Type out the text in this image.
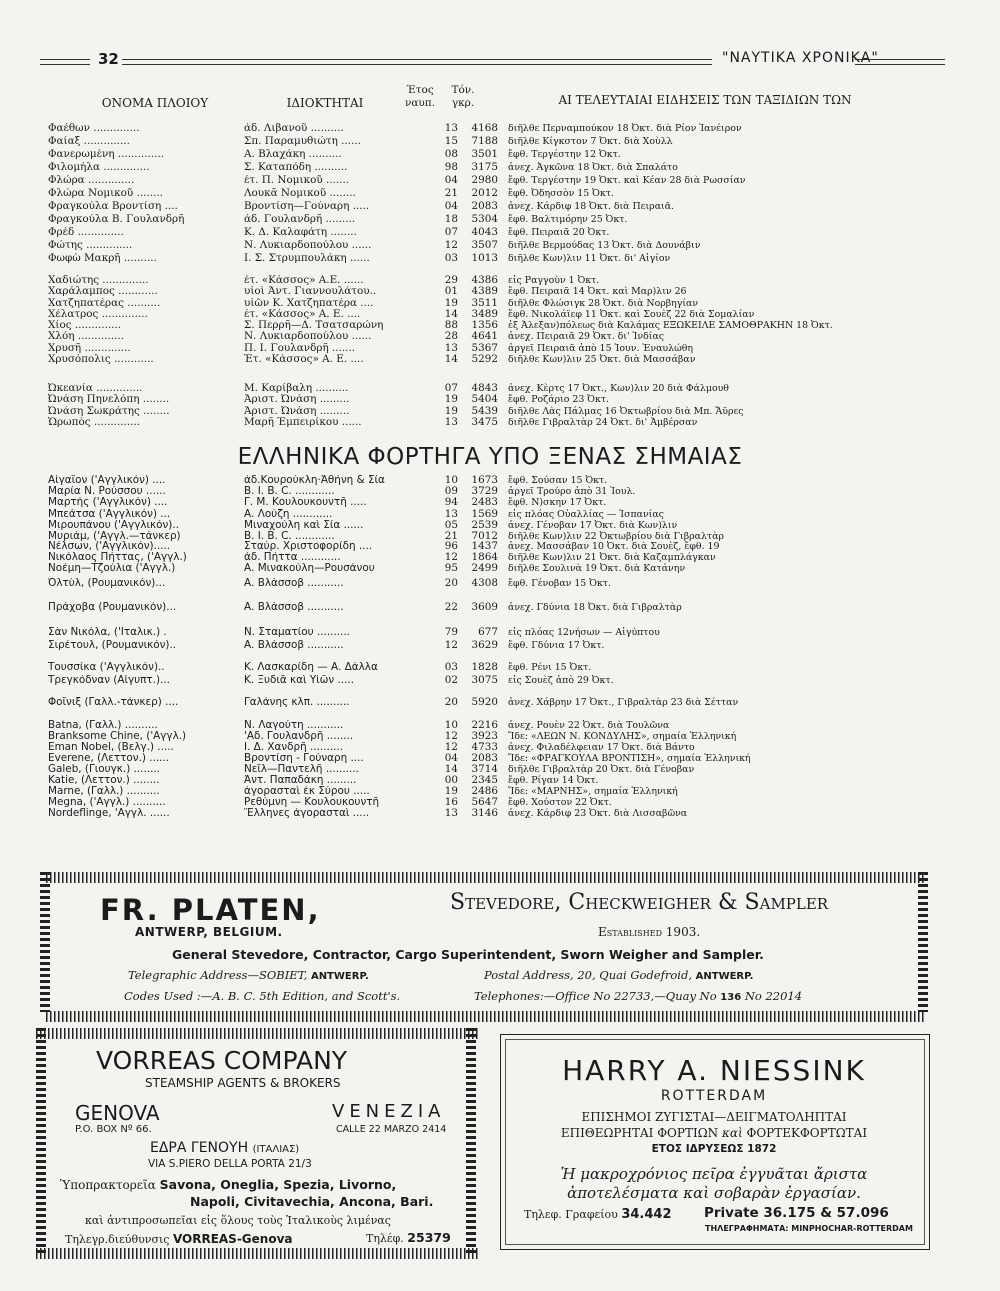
32	"ΝΑΥΤΙΚΑ ΧΡΟΝΙΚΑ"
ΟΝΟΜΑ ΠΛΟΙΟΥ	ΙΔΙΟΚΤΗΤΑΙ
Έτος ναυπ.
Τόν. γκρ.	ΑΙ ΤΕΛΕΥΤΑΙΑΙ ΕΙΔΗΣΕΙΣ ΤΩΝ ΤΑΞΙΔΙΩΝ ΤΩΝ
Φαέθων ..............	άδ. Λιβανοῦ ..........	13	4168 διῆλθε Περναμπούκον 18 Ὀκτ. διὰ Ρίον Ἰανέιρον
Φαίαξ ..............	Σπ. Παραμυθιώτη ......	15	7188 διῆλθε Κίγκστον 7 Ὀκτ. διὰ Χοὺλλ
Φανερωμένη ..............	Α. Βλαχάκη ..........	08	3501 ἔφθ. Τεργέστην 12 Ὀκτ.
Φιλομήλα ..............	Σ. Καταπόδη ..........	98	3175 ἀνεχ. Ἀγκῶνα 18 Ὀκτ. διὰ Σπαλάτο
Φλώρα ..............	έτ. Π. Νομικοῦ .......	04	2980 ἔφθ. Τεργέστην 19 Ὀκτ. καὶ Κέαν 28 διὰ Ρωσσίαν
Φλώρα Νομικοῦ ........	Λουκᾶ Νομικοῦ ........	21	2012 ἔφθ. Ὀδησσὸν 15 Ὀκτ.
Φραγκούλα Βροντίση ....	Βροντίση—Γούναρη .....	04	2083 ἀνεχ. Κάρδιφ 18 Ὀκτ. διὰ Πειραιᾶ.
Φραγκούλα Β. Γουλανδρῆ	άδ. Γουλανδρῆ .........	18	5304 ἔφθ. Βαλτιμόρην 25 Ὀκτ.
Φρέδ ..............	Κ. Δ. Καλαφάτη ........	07	4043 ἔφθ. Πειραιᾶ 20 Ὀκτ.
Φώτης ..............	Ν. Λυκιαρδοπούλου ......	12	3507 διῆλθε Βερμούδας 13 Ὀκτ. διὰ Δουνάβιν
Φωφὼ Μακρῆ ..........	Ι. Σ. Στρυμπουλάκη ......	03	1013 διῆλθε Κων)λιν 11 Ὀκτ. δι' Αἰγίον
Χαδιώτης ..............	έτ. «Κάσσος» Α.Ε. ......	29	4386 εἰς Ραγγοὺν 1 Ὀκτ.
Χαράλαμπος ............	υἱοὶ Ἀντ. Γιαννουλάτου..	01	4389 ἔφθ. Πειραιᾶ 14 Ὀκτ. καὶ Μαρ)λιν 26
Χατζηπατέρας ..........	υἱῶν Κ. Χατζηπατέρα ....	19	3511 διῆλθε Φλώσιγκ 28 Ὀκτ. διὰ Νορβηγίαν
Χέλατρος ..............	έτ. «Κάσσος» Α. Ε. ....	14	3489 ἔφθ. Νικολάϊεφ 11 Ὀκτ. καὶ Σουὲζ 22 διὰ Σομαλίαν
Χίος ..............	Σ. Περρῆ—Δ. Τσατσαρώνη	88	1356 ἐξ Ἀλεξαν)πόλεως διὰ Καλάμας ΕΞΩΚΕΙΛΕ ΣΑΜΟΘΡΑΚΗΝ 18 Ὀκτ.
Χλόη ..............	Ν. Λυκιαρδοπούλου ......	28	4641 ἀνεχ. Πειραιᾶ 29 Ὀκτ. δι' Ἰνδίας
Χρυσῆ ..............	Π. Ι. Γουλανδρῆ .......	13	5367 ἀργεῖ Πειραιᾶ ἀπὸ 15 Ἰουν. Ἐναυλώθη
Χρυσόπολις ............	Ἑτ. «Κάσσος» Α. Ε. ....	14	5292 διῆλθε Κων)λιν 25 Ὀκτ. διὰ Μασσάβαν
Ὠκεανία ..............	Μ. Καρίβαλη ..........	07	4843 ἀνεχ. Κὲρτς 17 Ὀκτ., Κων)λιν 20 διὰ Φάλμουθ
Ὠνάση Πηνελόπη ........	Ἀριστ. Ὠνάση .........	19	5404 ἔφθ. Ροζάριο 23 Ὀκτ.
Ὠνάση Σωκράτης ........	Ἀριστ. Ὠνάση .........	19	5439 διῆλθε Λὰς Πάλμας 16 Ὀκτωβρίου διὰ Μπ. Ἄϋρες
Ὡρωπὸς ..............	Μαρῆ Ἐμπειρίκου ......	13	3475 διῆλθε Γιβραλτὰρ 24 Ὀκτ. δι' Ἀμβέρσαν
Αἰγαῖον ('Αγγλικόν) ....	άδ.Κουρούκλη·Ἀθήνη & Σία	10	1673 ἔφθ. Σούσαν 15 Ὀκτ.
Μαρία Ν. Ρούσσου ......	Β. Ι. Β. C. ............	09	3729 ἀργεῖ Τρούρο ἀπὸ 31 Ἰουλ.
Μαρτὴς ('Αγγλικόν) ....	Γ. Μ. Κουλουκουντῆ .....	94	2483 ἔφθ. Ν)σκην 17 Ὀκτ.
Μπεάτσα ('Αγγλικόν) ...	Α. Λούζη ............	13	1569 εἰς πλόας Οὐαλλίας — Ἱσπανίας
Μιρουπάνου ('Αγγλικόν)..	Μιναχούλη καὶ Σία ......	05	2539 ἀνεχ. Γένοβαν 17 Ὀκτ. διὰ Κων)λιν
Μυριάμ, ('Αγγλ.—τάνκερ)	Β. Ι. Β. C. ............	21	7012 διῆλθε Κων)λιν 22 Ὀκτωβρίου διὰ Γιβραλτὰρ
Νέλσων, ('Αγγλικόν).....	Σταύρ. Χριστοφορίδη ....	96	1437 ἀνεχ. Μασσάβαν 10 Ὀκτ. διὰ Σουὲζ, ἔφθ. 19
Νικόλαος Πήττας, ('Αγγλ.)	άδ. Πήττα ............	12	1864 διῆλθε Κων)λιν 21 Ὀκτ. διὰ Καζαμπλάγκαν
Νοέμη—Τζούλια ('Αγγλ.)	Α. Μινακούλη—Ρουσάνου	95	2499 διῆλθε Σουλινὰ 19 Ὀκτ. διὰ Κατάνην
Ὀλτὺλ, (Ρουμανικόν)...	Α. Βλάσσοβ ...........	20	4308 ἔφθ. Γένοβαν 15 Ὀκτ.
Πράχοβα (Ρουμανικόν)...	Α. Βλάσσοβ ...........	22	3609 ἀνεχ. Γδύνια 18 Ὀκτ. διὰ Γιβραλτὰρ
Σὰν Νικόλα, ('Ιταλικ.) .	Ν. Σταματίου ..........	79	677 εἰς πλόας 12νήσων — Αἰγύπτου
Σιρέτουλ, (Ρουμανικόν)..	Α. Βλάσσοβ ...........	12	3629 ἔφθ. Γδύνια 17 Ὀκτ.
Τουσσίκα ('Αγγλικόν)..	Κ. Λασκαρίδη — Α. Δάλλα	03	1828 ἔφθ. Ρένι 15 Ὀκτ.
Τρεγκόδναν (Αἰγυπτ.)...	Κ. Ξυδιᾶ καὶ Υἱῶν .....	02	3075 εἰς Σουὲζ ἀπὸ 29 Ὀκτ.
Φοῖνιξ (Γαλλ.-τάνκερ) ....	Γαλάνης κλπ. ..........	20	5920 ἀνεχ. Χάβρην 17 Ὀκτ., Γιβραλτὰρ 23 διὰ Σέτταν
Batna, (Γαλλ.) ..........	Ν. Λαγούτη ...........	10	2216 ἀνεχ. Ρουὲν 22 Ὀκτ. διὰ Τουλῶνα
Branksome Chine, ('Αγγλ.)	'Αδ. Γουλανδρῆ ........	12	3923 Ἴδε: «ΛΕΩΝ Ν. ΚΟΝΔΥΛΗΣ», σημαία Ἑλληνική
Eman Nobel, (Βελγ.) .....	Ι. Δ. Χανδρῆ ..........	12	4733 ἀνεχ. Φιλαδέλφειαν 17 Ὀκτ. διὰ Βάντο
Everene, (Λεττον.) ......	Βροντίση - Γούναρη ....	04	2083 Ἴδε: «ΦΡΑΓΚΟΥΛΑ ΒΡΟΝΤΙΣΗ», σημαία Ἑλληνική
Galeb, (Γιουγκ.) ........	Νεῖλ—Παντελῆ ..........	14	3714 διῆλθε Γιβραλτὰρ 20 Ὀκτ. διὰ Γένοβαν
Katie, (Λεττον.) ........	Ἀντ. Παπαδάκη .........	00	2345 ἔφθ. Ρίγαν 14 Ὀκτ.
Marne, (Γαλλ.) ..........	ἀγορασταὶ ἐκ Σύρου .....	19	2486 Ἴδε: «ΜΑΡΝΗΣ», σημαία Ἑλληνική
Megna, ('Αγγλ.) ..........	Ρεθύμνη — Κουλουκουντῆ	16	5647 ἔφθ. Χούστον 22 Ὀκτ.
Nordeflinge, 'Αγγλ. ......	Ἕλληνες ἀγορασταὶ .....	13	3146 ἀνεχ. Κάρδιφ 23 Ὀκτ. διὰ Λισσαβῶνα
ΕΛΛΗΝΙΚΑ ΦΟΡΤΗΓΑ ΥΠΟ ΞΕΝΑΣ ΣΗΜΑΙΑΣ
FR. PLATEN,
ANTWERP, BELGIUM.
Stevedore, Checkweigher & Sampler
Established 1903.
General Stevedore, Contractor, Cargo Superintendent, Sworn Weigher and Sampler.
Telegraphic Address—SOBIET, ANTWERP.	Postal Address, 20, Quai Godefroid, ANTWERP.
Codes Used :—A. B. C. 5th Edition, and Scott's.	Telephones:—Office No 22733,—Quay No 136 No 22014
VORREAS COMPANY
STEAMSHIP AGENTS & BROKERS
GENOVA	VENEZIA
P.O. BOX Nº 66.	CALLE 22 MARZO 2414
ΕΔΡΑ ΓΕΝΟΥΗ (ΙΤΑΛΙΑΣ)
VIA S.PIERO DELLA PORTA 21/3
Ὑποπρακτορεῖα Savona, Oneglia, Spezia, Livorno,
Napoli, Civitavechia, Ancona, Bari.
καὶ ἀντιπροσωπεῖαι εἰς ὅλους τοὺς Ἰταλικοὺς λιμένας
Τηλεγρ.διεύθυνσις VORREAS-Genova	Τηλέφ. 25379
HARRY A. NIESSINK
ROTTERDAM
ΕΠΙΣΗΜΟΙ ΖΥΓΙΣΤΑΙ—ΔΕΙΓΜΑΤΟΛΗΠΤΑΙ
ΕΠΙΘΕΩΡΗΤΑΙ ΦΟΡΤΙΩΝ καὶ ΦΟΡΤΕΚΦΟΡΤΩΤΑΙ
ΕΤΟΣ ΙΔΡΥΣΕΩΣ 1872
Ἡ μακροχρόνιος πεῖρα ἐγγυᾶται ἄριστα
ἀποτελέσματα καὶ σοβαρὰν ἐργασίαν.
Τηλεφ. Γραφείου 34.442 Private 36.175 & 57.096
ΤΗΛΕΓΡΑΦΗΜΑΤΑ: MINPHOCHAR-ROTTERDAM
